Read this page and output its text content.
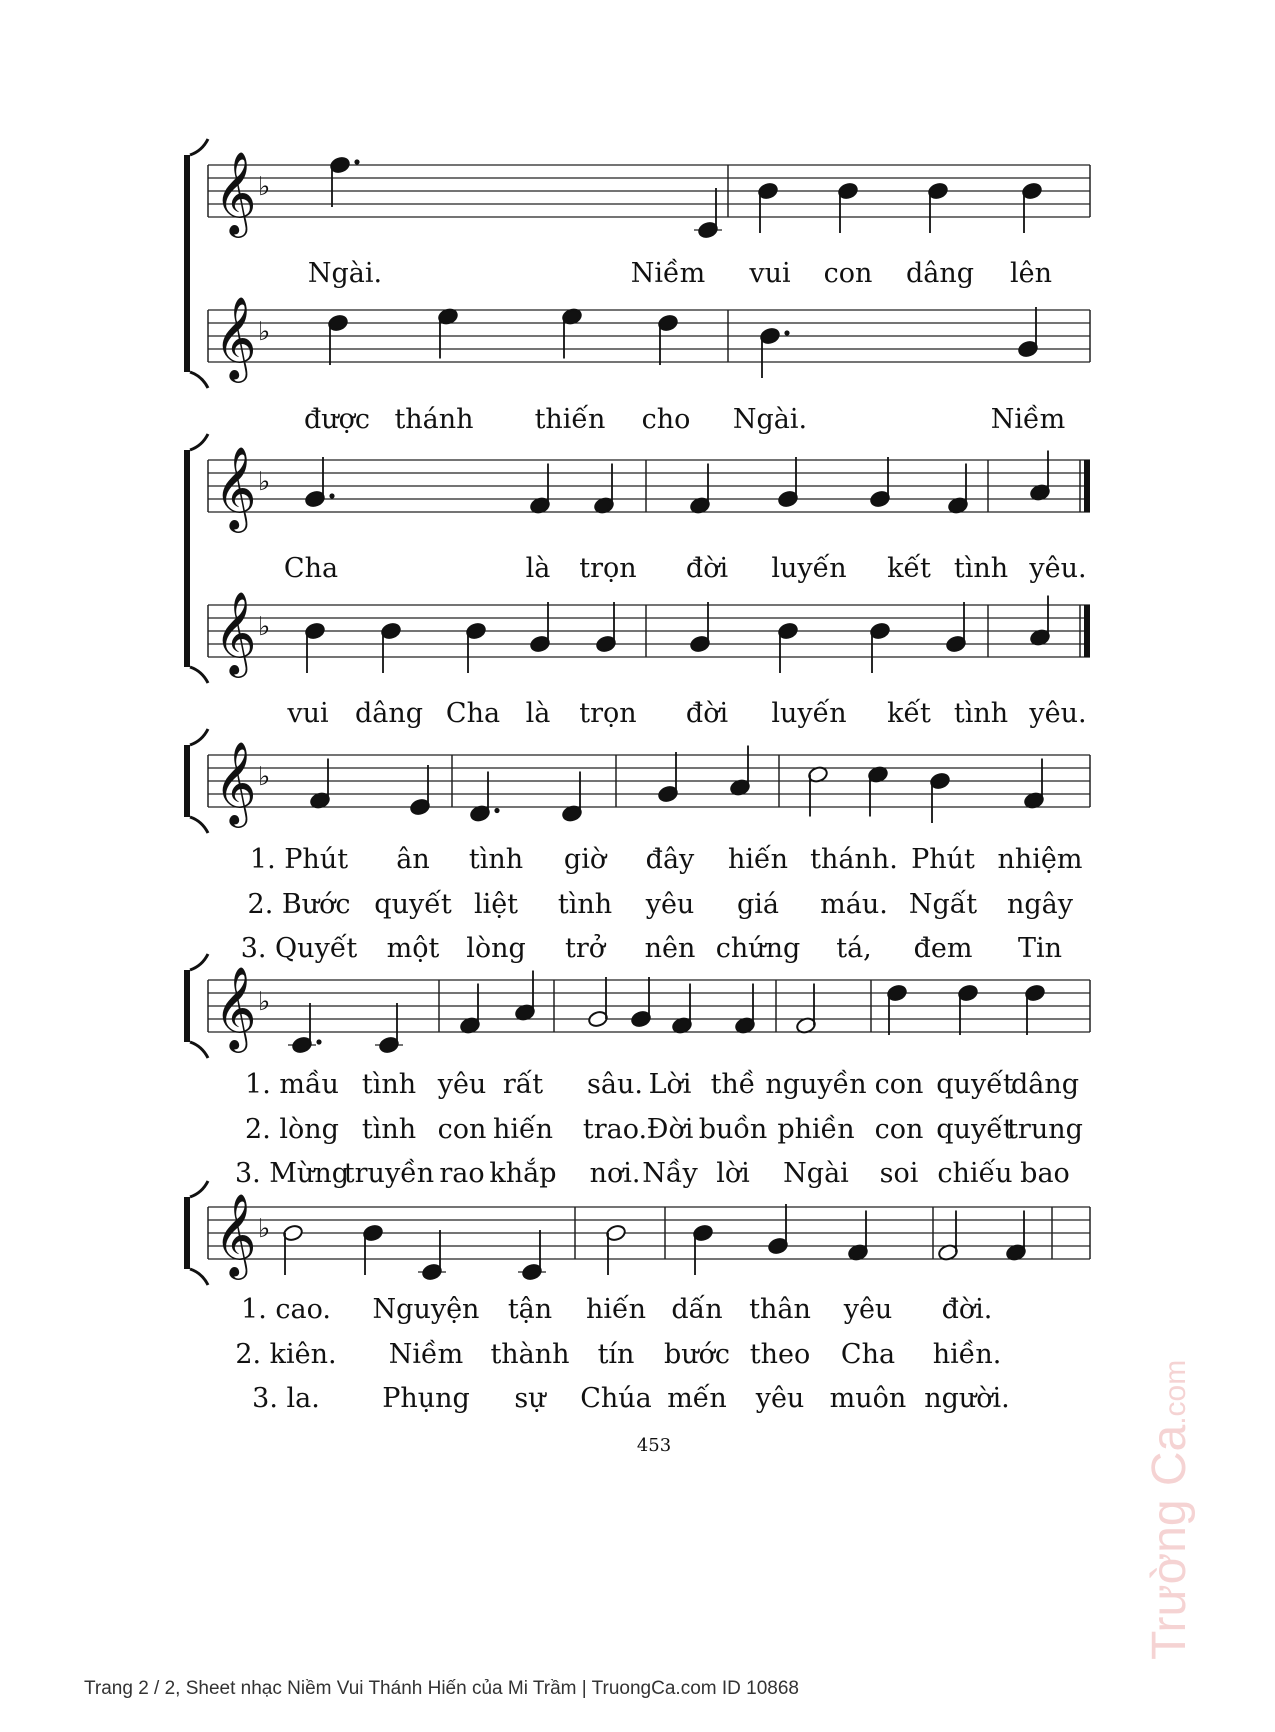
𝄞 ♭
𝄞 ♭
𝄞 ♭
𝄞 ♭
𝄞 ♭
𝄞 ♭
𝄞 ♭
Ngài.	Niềm vui con dâng lên
được thánh thiến cho Ngài.	Niềm
Cha	là trọn đời luyến kết tình yêu.
vui dâng Cha là trọn đời luyến kết tình yêu.
1. Phút ân tình giờ đây hiến thánh. Phút nhiệm
2. Bước quyết liệt tình yêu giá máu. Ngất ngây
3. Quyết một lòng trở nên chứng tá, đem Tin
1. mầu tình yêu rất sâu. Lời thề nguyền con quyết
dâng
2. lòng tình con hiến trao. Đời buồn phiền con quyết
trung
3. Mừng
truyền rao khắp nơi. Nầy lời Ngài soi chiếu bao
1. cao. Nguyện tận hiến dấn thân yêu đời.
2. kiên. Niềm thành tín bước theo Cha hiền.
3. la. Phụng sự Chúa mến yêu muôn người.
453
Trang 2 / 2, Sheet nhạc Niềm Vui Thánh Hiến của Mi Trầm | TruongCa.com ID 10868
Trường Ca.com
